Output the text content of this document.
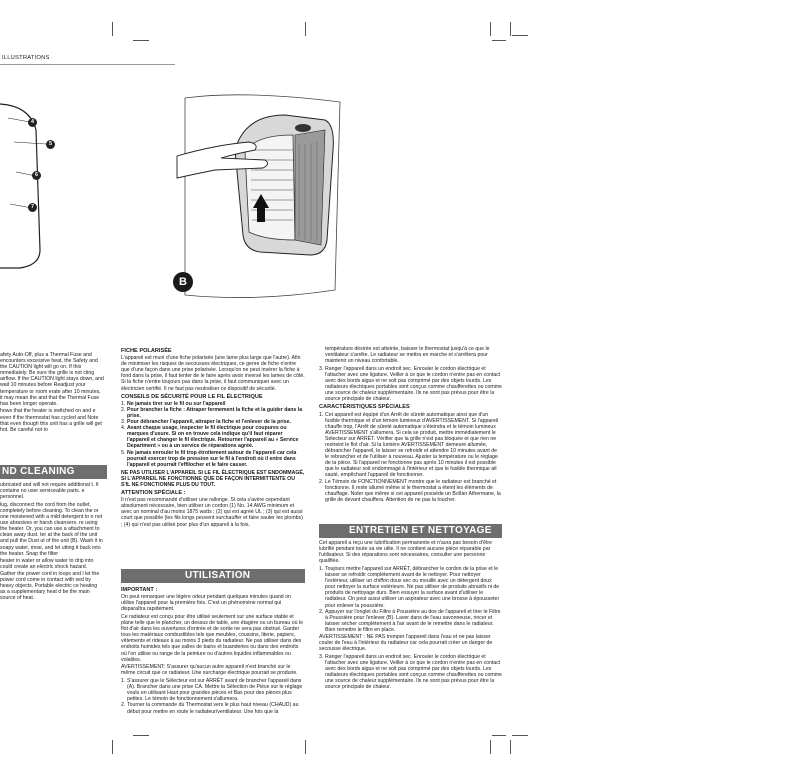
ILLUSTRATIONS
4
5
6
7
B

afety Auto-Off, plus a Thermal Fuse and encounters excessive heat, the Safety and the CAUTION light will go on. If this mmediately. Be sure the grille is not cting airflow. If the CAUTION light stays down, and wait 10 minutes before Readjust your temperature or room erate after 10 minutes, it may mean the and that the Thermal Fuse has been longer operate.

hows that the heater is switched on and e even if the thermostat has cycled and Note that even though this unit has a grille will get hot. Be careful not to

ND CLEANING

ubricated and will not require additional t. It contains no user serviceable parts. e personnel.

lug, disconnect the cord from the outlet, completely before cleaning. To clean the or one moistened with a mild detergent to o not use abrasives or harsh cleansers. re using the heater. Or, you can use a attachment to clean away dust. ter at the back of the unit and pull the Dust ut of the unit (B). Wash it in soapy water, rinse, and let utting it back into the heater. Snap the filter

heater in water or allow water to drip into could create an electric shock hazard. Gather the power cord in loops and l let the power cord come in contact with sed by heavy objects. Portable electric ce heating as a supplementary heat d be the main source of heat.

FICHE POLARISÉE

L'appareil est muni d'une fiche polarisée (une lame plus large que l'autre). Afin de minimiser les risques de secousses électriques, ce genre de fiche n'entre que d'une façon dans une prise polarisée. Lorsqu'on ne peut insérer la fiche à fond dans la prise, il faut tenter de le faire après avoir inversé les lames de côté. Si la fiche n'entre toujours pas dans la prise, il faut communiquer avec un électricien certifié. Il ne faut pas neutraliser ce dispositif de sécurité.

CONSEILS DE SÉCURITÉ POUR LE FIL ÉLECTRIQUE
1. Ne jamais tirer sur le fil ou sur l'appareil
2. Pour brancher la fiche : Attraper fermement la fiche et la guider dans la prise.
3. Pour débrancher l'appareil, attraper la fiche et l'enlever de la prise.
4. Avant chaque usage, inspecter le fil électrique pour coupures ou marques d'usure. Si on en trouve cela indique qu'il faut réparer l'appareil et changer le fil électrique. Retourner l'appareil au « Service Department » ou à un service de réparations agréé.
5. Ne jamais enrouler le fil trop étroitement autour de l'appareil car cela pourrait exercer trop de pression sur le fil à l'endroit où il entre dans l'appareil et pourrait l'effilocher et le faire casser.

NE PAS UTILISER L'APPAREIL SI LE FIL ÉLECTRIQUE EST ENDOMMAGÉ, SI L'APPAREIL NE FONCTIONNE QUE DE FAÇON INTERMITTENTE OU S'IL NE FONCTIONNE PLUS DU TOUT.

ATTENTION SPÉCIALE :

Il n'est pas recommandé d'utiliser une rallonge. Si cela s'avère cependant absolument nécessaire, bien utiliser un cordon (1) No. 14 AWG minimum et avec un nominal d'au moins 1875 watts ; (2) qui est agréé UL ; (3) qui est aussi court que possible (les fils longs peuvent surchauffer et faire sauter les plombs) ; (4) qui n'est pas utilisé pour plus d'un appareil à la fois.

UTILISATION
IMPORTANT :

On peut remarquer une légère odeur pendant quelques minutes quand on utilise l'appareil pour la première fois. C'est un phénomène normal qui disparaîtra rapidement.

Ce radiateur est conçu pour être utilisé seulement sur une surface stable et plane telle que le plancher, un dessus de table, une étagère ou un bureau où le flot d'air dans les ouvertures d'entrée et de sortie ne sera pas obstrué. Garder tous les matériaux combustibles tels que meubles, coussins, literie, papiers, vêtements et rideaux à au moins 3 pieds du radiateur. Ne pas utiliser dans des endroits humides tels que salles de bains et buanderies ou dans des endroits où l'on utilise ou range de la peinture ou d'autres liquides inflammables ou volatiles.

AVERTISSEMENT: S'assurer qu'aucun autre appareil n'est branché sur le même circuit que ce radiateur. Une surcharge électrique pourrait se produire.

1. S'assurer que le Sélecteur est sur ARRÊT avant de brancher l'appareil dans (A). Brancher dans une prise CA. Mettre la Sélection de Pièce sur le réglage voulu en utilisant Haut pour grandes pièces et Bas pour des pièces plus petites. Le témoin de fonctionnement s'allumera.
2. Tourner la commande du Thermostat vers le plus haut niveau (CHAUD) au début pour mettre en route le radiateur/ventilateur. Une fois que la

température désirée est atteinte, baisser le thermostat jusqu'à ce que le ventilateur s'arrête. Le radiateur se mettra en marche et s'arrêtera pour maintenir un niveau confortable.

3. Ranger l'appareil dans un endroit sec. Enrouler le cordon électrique et l'attacher avec une ligature. Veiller à ce que le cordon n'entre pas en contact avec des bords aigus et ne soit pas comprimé par des objets lourds. Les radiateurs électriques portables sont conçus comme chaufferettes ou comme une source de chaleur supplémentaire. Ils ne sont pas prévus pour être la source principale de chaleur.
CARACTÉRISTIQUES SPÉCIALES
1. Cet appareil est équipé d'un Arrêt de sûreté automatique ainsi que d'un fusible thermique et d'un témoin lumineux d'AVERTISSEMENT. Si l'appareil chauffe trop, l'Arrêt de sûreté automatique s'éteindra et le témoin lumineux AVERTISSEMENT s'allumera. Si cela se produit, mettre immédiatement le Sélecteur sur ARRÊT. Vérifier que la grille n'est pas bloquée et que rien ne restreint le flot d'air. Si la lumière AVERTISSEMENT demeure allumée, débrancher l'appareil, le laisser se refroidir et attendre 10 minutes avant de le rebrancher et de l'utiliser à nouveau. Ajuster la température ou le réglage de la pièce. Si l'appareil ne fonctionne pas après 10 minutes il est possible que le radiateur soit endommagé à l'intérieur et que le fusible thermique ait sauté, empêchant l'appareil de fonctionner.
2. Le Témoin de FONCTIONNEMENT montre que le radiateur est branché et fonctionne. Il reste allumé même si le thermostat a éteint les éléments de chauffage. Noter que même si cet appareil possède un Boîtier Athermane, la grille de devant chauffera. Attention de ne pas la toucher.
ENTRETIEN ET NETTOYAGE

Cet appareil a reçu une lubrification permanente et n'aura pas besoin d'être lubrifié pendant toute sa vie utile. Il ne contient aucune pièce réparable par l'utilisateur. Si des réparations sont nécessaires, consulter une personne qualifiée.

1. Toujours mettre l'appareil sur ARRÊT, débrancher le cordon de la prise et le laisser se refroidir complètement avant de le nettoyer. Pour nettoyer l'extérieur, utiliser un chiffon doux sec ou mouillé avec un détergent doux pour nettoyer la surface extérieure. Ne pas utiliser de produits abrasifs ni de produits de nettoyage durs. Bien essuyer la surface avant d'utiliser le radiateur. On peut aussi utiliser un aspirateur avec une brosse à épousseter pour enlever la poussière.
2. Appuyer sur l'onglet du Filtre à Poussière au dos de l'appareil et tirer le Filtre à Poussière pour l'enlever (B). Laver dans de l'eau savonneuse, rincer et laisser sécher complètement à l'air avant de le remettre dans le radiateur. Bien remettre le filtre en place.

AVERTISSEMENT : NE PAS tremper l'appareil dans l'eau et ne pas laisser couler de l'eau à l'intérieur du radiateur car cela pourrait créer un danger de secousse électrique.

3. Ranger l'appareil dans un endroit sec. Enrouler le cordon électrique et l'attacher avec une ligature. Veiller à ce que le cordon n'entre pas en contact avec des bords aigus et ne soit pas comprimé par des objets lourds. Les radiateurs électriques portables sont conçus comme chaufferettes ou comme une source de chaleur supplémentaire. Ils ne sont pas prévus pour être la source principale de chaleur.
